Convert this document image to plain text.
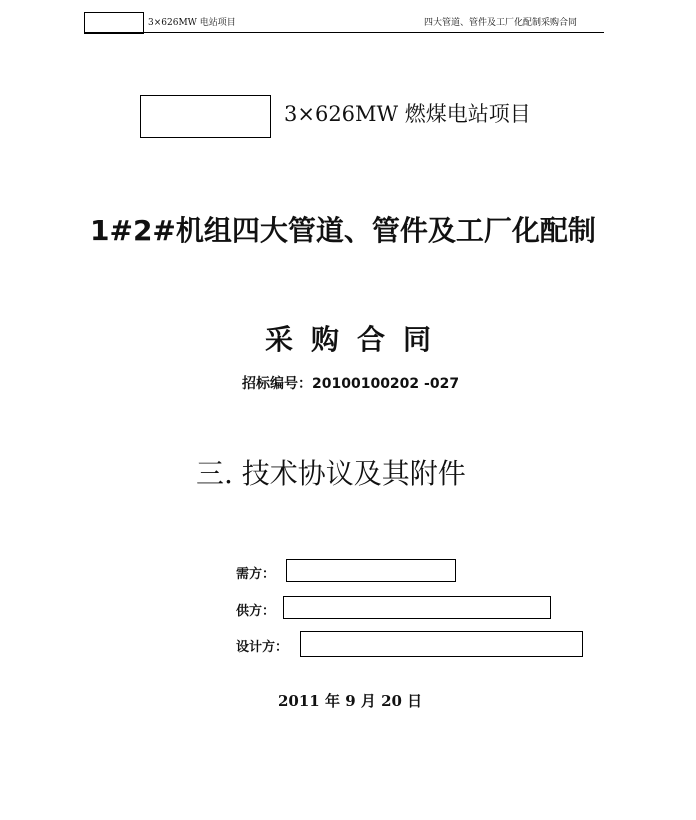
3×626MW 电站项目	四大管道、管件及工厂化配制采购合同
3×626MW 燃煤电站项目
1#2#机组四大管道、管件及工厂化配制
采购合同
招标编号：20100100202 -027
三. 技术协议及其附件
需方：
供方：
设计方：
2011 年 9 月 20 日
